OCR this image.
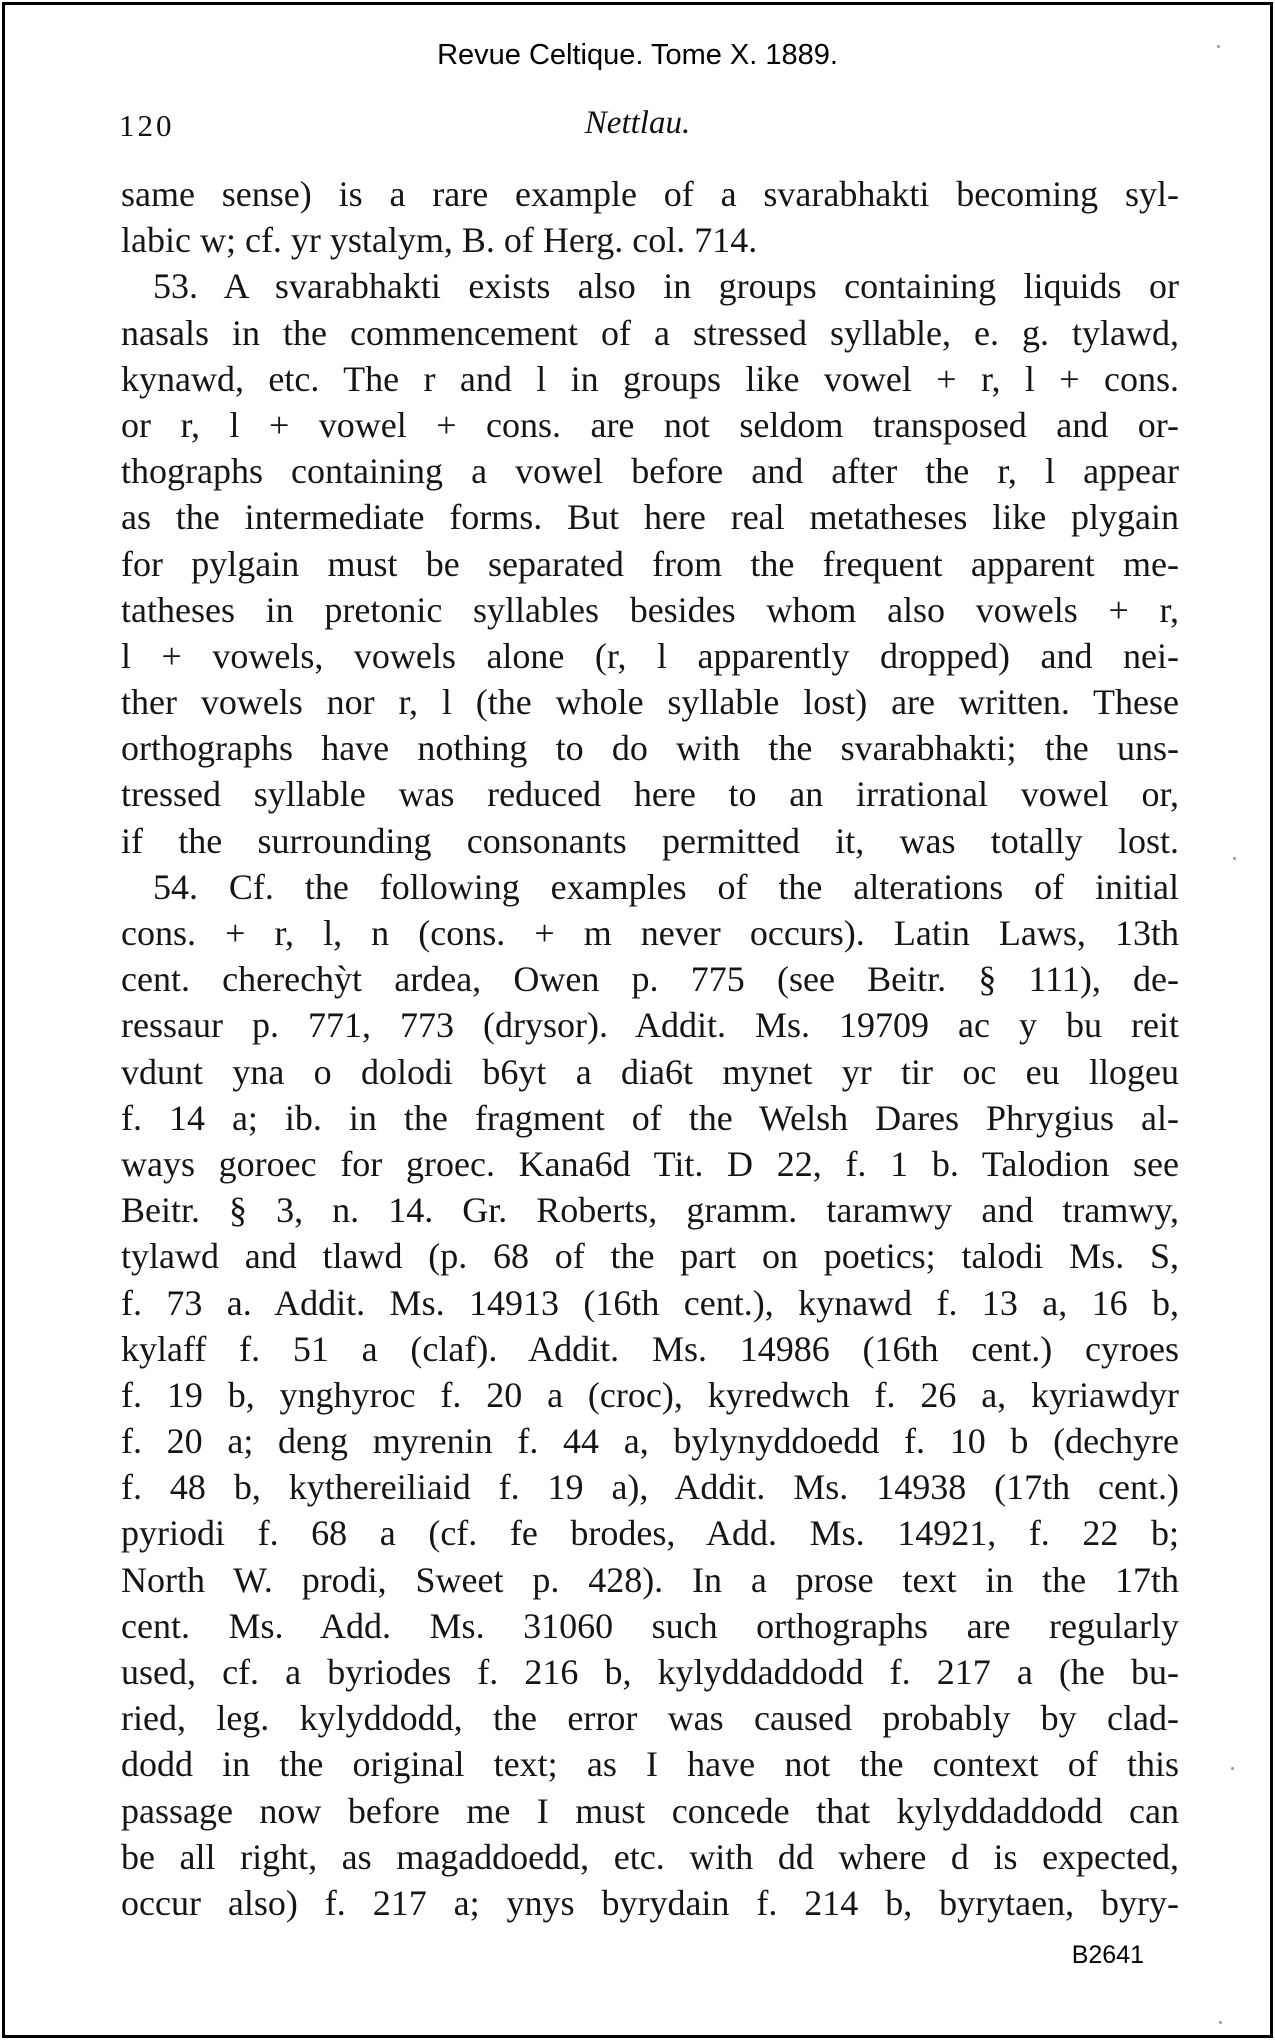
Revue Celtique. Tome X. 1889.
120	Nettlau.
same sense) is a rare example of a svarabhakti becoming syl-
labic w; cf. yr ystalym, B. of Herg. col. 714.
53. A svarabhakti exists also in groups containing liquids or
nasals in the commencement of a stressed syllable, e. g. tylawd,
kynawd, etc. The r and l in groups like vowel + r, l + cons.
or r, l + vowel + cons. are not seldom transposed and or-
thographs containing a vowel before and after the r, l appear
as the intermediate forms. But here real metatheses like plygain
for pylgain must be separated from the frequent apparent me-
tatheses in pretonic syllables besides whom also vowels + r,
l + vowels, vowels alone (r, l apparently dropped) and nei-
ther vowels nor r, l (the whole syllable lost) are written. These
orthographs have nothing to do with the svarabhakti; the uns-
tressed syllable was reduced here to an irrational vowel or,
if the surrounding consonants permitted it, was totally lost.
54. Cf. the following examples of the alterations of initial
cons. + r, l, n (cons. + m never occurs). Latin Laws, 13th
cent. cherechỳt ardea, Owen p. 775 (see Beitr. § 111), de-
ressaur p. 771, 773 (drysor). Addit. Ms. 19709 ac y bu reit
vdunt yna o dolodi b6yt a dia6t mynet yr tir oc eu llogeu
f. 14 a; ib. in the fragment of the Welsh Dares Phrygius al-
ways goroec for groec. Kana6d Tit. D 22, f. 1 b. Talodion see
Beitr. § 3, n. 14. Gr. Roberts, gramm. taramwy and tramwy,
tylawd and tlawd (p. 68 of the part on poetics; talodi Ms. S,
f. 73 a. Addit. Ms. 14913 (16th cent.), kynawd f. 13 a, 16 b,
kylaff f. 51 a (claf). Addit. Ms. 14986 (16th cent.) cyroes
f. 19 b, ynghyroc f. 20 a (croc), kyredwch f. 26 a, kyriawdyr
f. 20 a; deng myrenin f. 44 a, bylynyddoedd f. 10 b (dechyre
f. 48 b, kythereiliaid f. 19 a), Addit. Ms. 14938 (17th cent.)
pyriodi f. 68 a (cf. fe brodes, Add. Ms. 14921, f. 22 b;
North W. prodi, Sweet p. 428). In a prose text in the 17th
cent. Ms. Add. Ms. 31060 such orthographs are regularly
used, cf. a byriodes f. 216 b, kylyddaddodd f. 217 a (he bu-
ried, leg. kylyddodd, the error was caused probably by clad-
dodd in the original text; as I have not the context of this
passage now before me I must concede that kylyddaddodd can
be all right, as magaddoedd, etc. with dd where d is expected,
occur also) f. 217 a; ynys byrydain f. 214 b, byrytaen, byry-
B2641
